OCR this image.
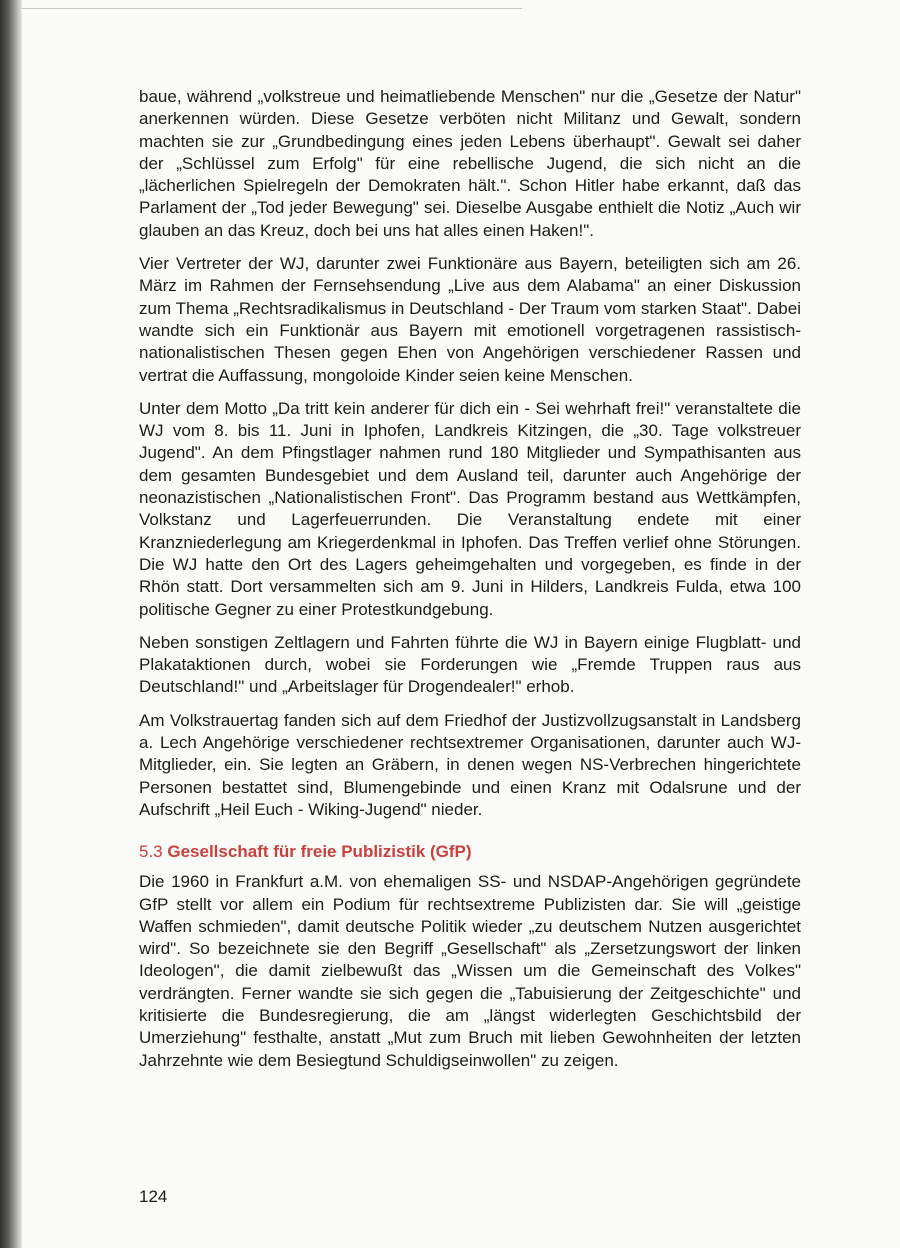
baue, während „volkstreue und heimatliebende Menschen" nur die „Gesetze der Natur" anerkennen würden. Diese Gesetze verböten nicht Militanz und Gewalt, sondern machten sie zur „Grundbedingung eines jeden Lebens überhaupt". Gewalt sei daher der „Schlüssel zum Erfolg" für eine rebellische Jugend, die sich nicht an die „lächerlichen Spielregeln der Demokraten hält.". Schon Hitler habe erkannt, daß das Parlament der „Tod jeder Bewegung" sei. Dieselbe Ausgabe enthielt die Notiz „Auch wir glauben an das Kreuz, doch bei uns hat alles einen Haken!".

Vier Vertreter der WJ, darunter zwei Funktionäre aus Bayern, beteiligten sich am 26. März im Rahmen der Fernsehsendung „Live aus dem Alabama" an einer Diskussion zum Thema „Rechtsradikalismus in Deutschland - Der Traum vom starken Staat". Dabei wandte sich ein Funktionär aus Bayern mit emotionell vorgetragenen rassistisch-nationalistischen Thesen gegen Ehen von Angehörigen verschiedener Rassen und vertrat die Auffassung, mongoloide Kinder seien keine Menschen.

Unter dem Motto „Da tritt kein anderer für dich ein - Sei wehrhaft frei!" veranstaltete die WJ vom 8. bis 11. Juni in Iphofen, Landkreis Kitzingen, die „30. Tage volkstreuer Jugend". An dem Pfingstlager nahmen rund 180 Mitglieder und Sympathisanten aus dem gesamten Bundesgebiet und dem Ausland teil, darunter auch Angehörige der neonazistischen „Nationalistischen Front". Das Programm bestand aus Wettkämpfen, Volkstanz und Lagerfeuerrunden. Die Veranstaltung endete mit einer Kranzniederlegung am Kriegerdenkmal in Iphofen. Das Treffen verlief ohne Störungen. Die WJ hatte den Ort des Lagers geheimgehalten und vorgegeben, es finde in der Rhön statt. Dort versammelten sich am 9. Juni in Hilders, Landkreis Fulda, etwa 100 politische Gegner zu einer Protestkundgebung.

Neben sonstigen Zeltlagern und Fahrten führte die WJ in Bayern einige Flugblatt- und Plakataktionen durch, wobei sie Forderungen wie „Fremde Truppen raus aus Deutschland!" und „Arbeitslager für Drogendealer!" erhob.

Am Volkstrauertag fanden sich auf dem Friedhof der Justizvollzugsanstalt in Landsberg a. Lech Angehörige verschiedener rechtsextremer Organisationen, darunter auch WJ-Mitglieder, ein. Sie legten an Gräbern, in denen wegen NS-Verbrechen hingerichtete Personen bestattet sind, Blumengebinde und einen Kranz mit Odalsrune und der Aufschrift „Heil Euch - Wiking-Jugend" nieder.

5.3 Gesellschaft für freie Publizistik (GfP)

Die 1960 in Frankfurt a.M. von ehemaligen SS- und NSDAP-Angehörigen gegründete GfP stellt vor allem ein Podium für rechtsextreme Publizisten dar. Sie will „geistige Waffen schmieden", damit deutsche Politik wieder „zu deutschem Nutzen ausgerichtet wird". So bezeichnete sie den Begriff „Gesellschaft" als „Zersetzungswort der linken Ideologen", die damit zielbewußt das „Wissen um die Gemeinschaft des Volkes" verdrängten. Ferner wandte sie sich gegen die „Tabuisierung der Zeitgeschichte" und kritisierte die Bundesregierung, die am „längst widerlegten Geschichtsbild der Umerziehung" festhalte, anstatt „Mut zum Bruch mit lieben Gewohnheiten der letzten Jahrzehnte wie dem Besiegtund Schuldigseinwollen" zu zeigen.

124
